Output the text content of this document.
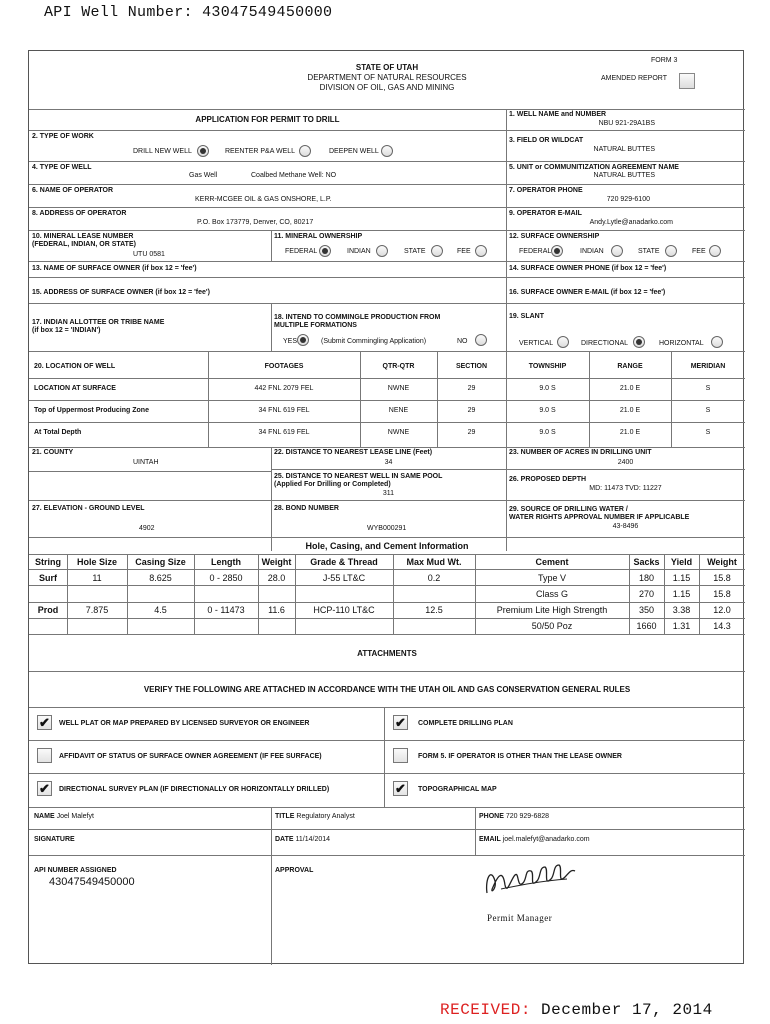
API Well Number: 43047549450000
STATE OF UTAH
DEPARTMENT OF NATURAL RESOURCES
DIVISION OF OIL, GAS AND MINING
FORM 3
AMENDED REPORT
APPLICATION FOR PERMIT TO DRILL
1. WELL NAME and NUMBER
NBU 921-29A1BS
2. TYPE OF WORK
DRILL NEW WELL	REENTER P&A WELL	DEEPEN WELL
3. FIELD OR WILDCAT
NATURAL BUTTES
4. TYPE OF WELL
Gas Well	Coalbed Methane Well: NO
5. UNIT or COMMUNITIZATION AGREEMENT NAME
NATURAL BUTTES
6. NAME OF OPERATOR
KERR-MCGEE OIL & GAS ONSHORE, L.P.
7. OPERATOR PHONE
720 929-6100
8. ADDRESS OF OPERATOR
P.O. Box 173779, Denver, CO, 80217
9. OPERATOR E-MAIL
Andy.Lytle@anadarko.com
10. MINERAL LEASE NUMBER
(FEDERAL, INDIAN, OR STATE)
UTU 0581
11. MINERAL OWNERSHIP
FEDERAL	INDIAN	STATE	FEE
12. SURFACE OWNERSHIP
FEDERAL	INDIAN	STATE	FEE
13. NAME OF SURFACE OWNER (if box 12 = 'fee')	14. SURFACE OWNER PHONE (if box 12 = 'fee')
15. ADDRESS OF SURFACE OWNER (if box 12 = 'fee')	16. SURFACE OWNER E-MAIL (if box 12 = 'fee')
17. INDIAN ALLOTTEE OR TRIBE NAME
(if box 12 = 'INDIAN')
18. INTEND TO COMMINGLE PRODUCTION FROM
MULTIPLE FORMATIONS
YES	(Submit Commingling Application)	NO
19. SLANT
VERTICAL	DIRECTIONAL	HORIZONTAL
20. LOCATION OF WELL	FOOTAGES	QTR-QTR	SECTION	TOWNSHIP	RANGE	MERIDIAN
LOCATION AT SURFACE	442 FNL 2079 FEL	NWNE	29	9.0 S	21.0 E	S
Top of Uppermost Producing Zone	34 FNL 619 FEL	NENE	29	9.0 S	21.0 E	S
At Total Depth	34 FNL 619 FEL	NWNE	29	9.0 S	21.0 E	S
21. COUNTY
UINTAH
22. DISTANCE TO NEAREST LEASE LINE (Feet)
34
23. NUMBER OF ACRES IN DRILLING UNIT
2400
25. DISTANCE TO NEAREST WELL IN SAME POOL
(Applied For Drilling or Completed)
311
26. PROPOSED DEPTH
MD: 11473 TVD: 11227
27. ELEVATION - GROUND LEVEL
4902
28. BOND NUMBER
WYB000291
29. SOURCE OF DRILLING WATER /
WATER RIGHTS APPROVAL NUMBER IF APPLICABLE
43-8496
Hole, Casing, and Cement Information
String	Hole Size	Casing Size	Length	Weight	Grade & Thread	Max Mud Wt.	Cement	Sacks	Yield	Weight
Surf	11	8.625	0 - 2850	28.0	J-55 LT&C	0.2	Type V	180	1.15	15.8
Class G	270	1.15	15.8
Prod	7.875	4.5	0 - 11473	11.6	HCP-110 LT&C	12.5	Premium Lite High Strength	350	3.38	12.0
50/50 Poz	1660	1.31	14.3
ATTACHMENTS
VERIFY THE FOLLOWING ARE ATTACHED IN ACCORDANCE WITH THE UTAH OIL AND GAS CONSERVATION GENERAL RULES
✔ WELL PLAT OR MAP PREPARED BY LICENSED SURVEYOR OR ENGINEER	✔ COMPLETE DRILLING PLAN
AFFIDAVIT OF STATUS OF SURFACE OWNER AGREEMENT (IF FEE SURFACE)	FORM 5. IF OPERATOR IS OTHER THAN THE LEASE OWNER
✔ DIRECTIONAL SURVEY PLAN (IF DIRECTIONALLY OR HORIZONTALLY DRILLED)	✔ TOPOGRAPHICAL MAP
NAME Joel Malefyt	TITLE Regulatory Analyst	PHONE 720 929-6828
SIGNATURE	DATE 11/14/2014	EMAIL joel.malefyt@anadarko.com
API NUMBER ASSIGNED
43047549450000
APPROVAL
Permit Manager
RECEIVED: December 17, 2014
